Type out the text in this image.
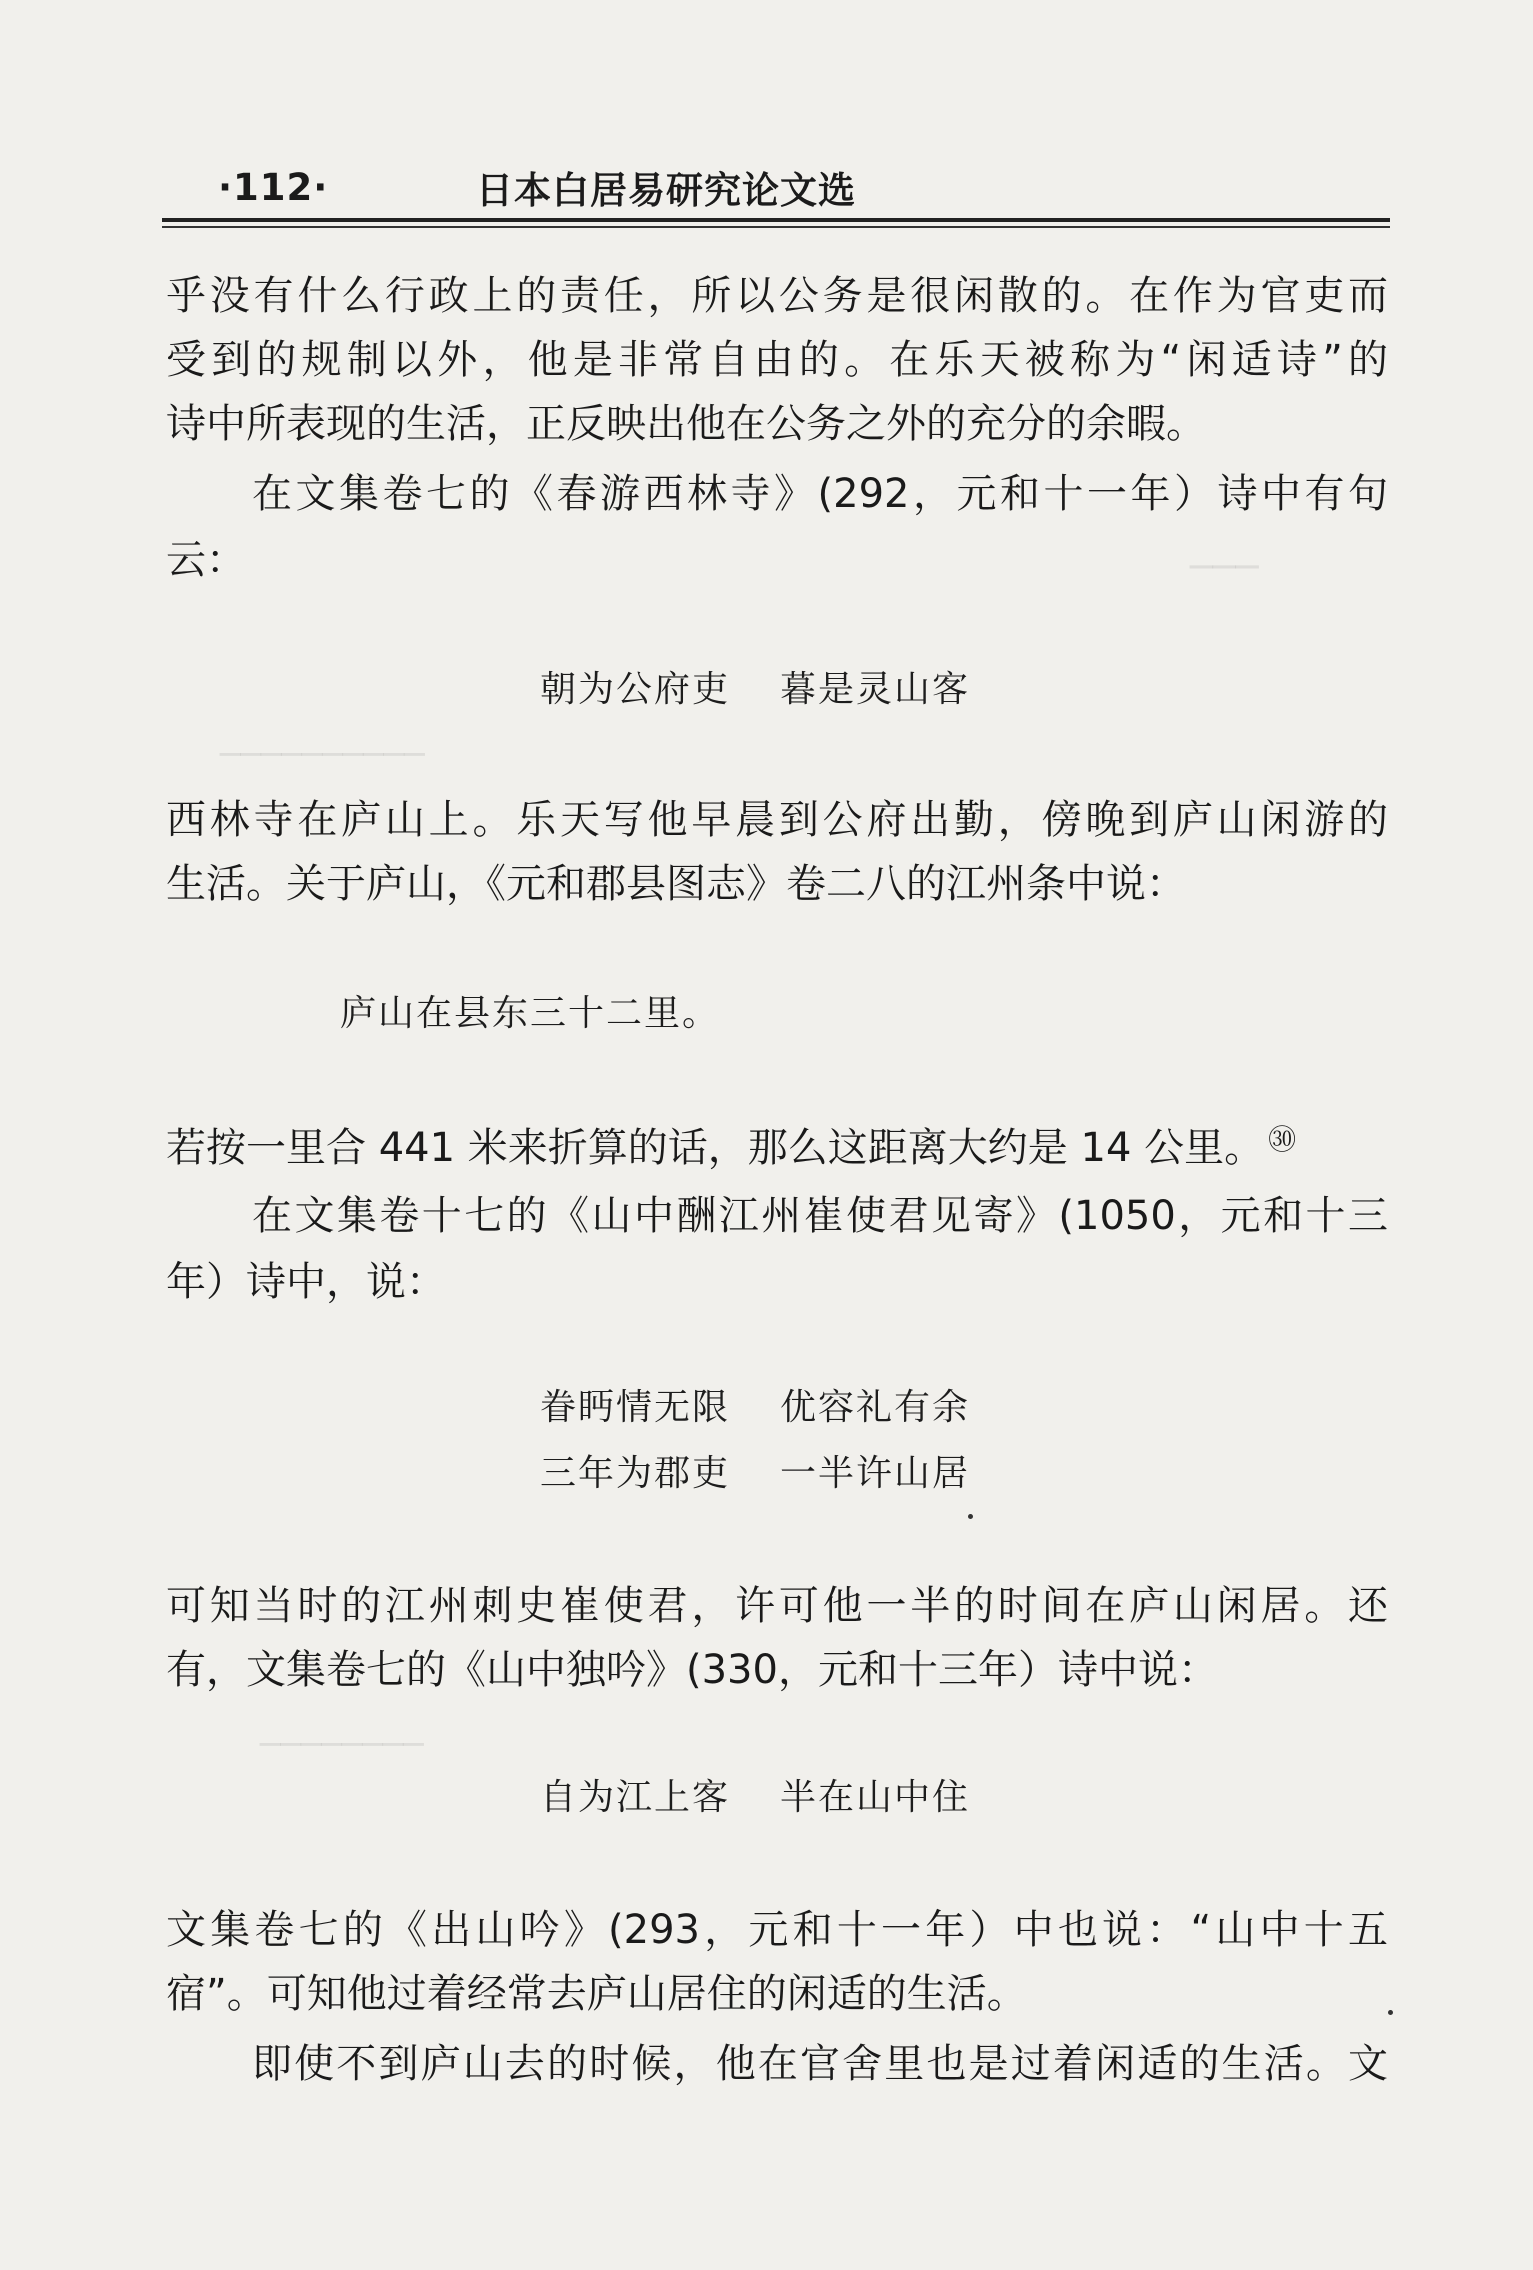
───
──────────
────────
·112·	日本白居易研究论文选
乎没有什么行政上的责任，所以公务是很闲散的。在作为官吏而
受到的规制以外，他是非常自由的。在乐天被称为“闲适诗”的
诗中所表现的生活，正反映出他在公务之外的充分的余暇。
在文集卷七的《春游西林寺》(292，元和十一年）诗中有句
云：
朝为公府吏 暮是灵山客
西林寺在庐山上。乐天写他早晨到公府出勤，傍晚到庐山闲游的
生活。关于庐山，《元和郡县图志》卷二八的江州条中说：
庐山在县东三十二里。
若按一里合 441 米来折算的话，那么这距离大约是 14 公里。 $^㉚$
在文集卷十七的《山中酬江州崔使君见寄》(1050，元和十三
年）诗中，说：
眷眄情无限 优容礼有余
三年为郡吏 一半许山居
可知当时的江州刺史崔使君，许可他一半的时间在庐山闲居。还
有，文集卷七的《山中独吟》(330，元和十三年）诗中说：
自为江上客 半在山中住
文集卷七的《出山吟》(293，元和十一年）中也说：“山中十五
宿”。可知他过着经常去庐山居住的闲适的生活。
即使不到庐山去的时候，他在官舍里也是过着闲适的生活。文
